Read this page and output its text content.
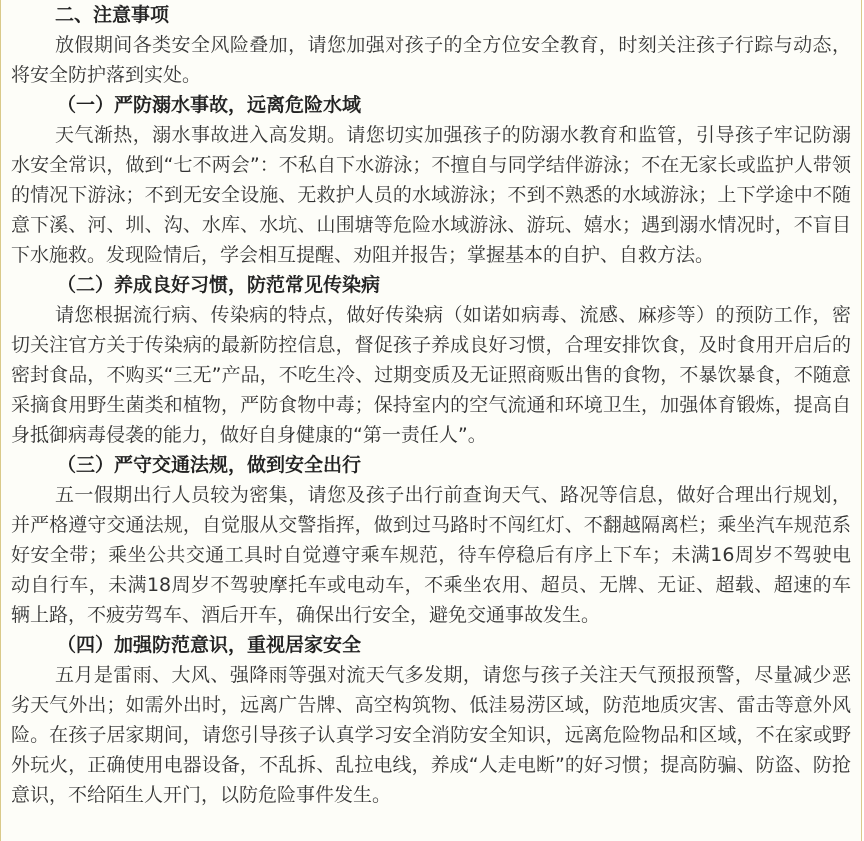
二、注意事项

放假期间各类安全风险叠加，请您加强对孩子的全方位安全教育，时刻关注孩子行踪与动态，将安全防护落到实处。

（一）严防溺水事故，远离危险水域

天气渐热，溺水事故进入高发期。请您切实加强孩子的防溺水教育和监管，引导孩子牢记防溺水安全常识，做到“七不两会”：不私自下水游泳；不擅自与同学结伴游泳；不在无家长或监护人带领的情况下游泳；不到无安全设施、无救护人员的水域游泳；不到不熟悉的水域游泳；上下学途中不随意下溪、河、圳、沟、水库、水坑、山围塘等危险水域游泳、游玩、嬉水；遇到溺水情况时，不盲目下水施救。发现险情后，学会相互提醒、劝阻并报告；掌握基本的自护、自救方法。

（二）养成良好习惯，防范常见传染病

请您根据流行病、传染病的特点，做好传染病（如诺如病毒、流感、麻疹等）的预防工作，密切关注官方关于传染病的最新防控信息，督促孩子养成良好习惯，合理安排饮食，及时食用开启后的密封食品，不购买“三无”产品，不吃生冷、过期变质及无证照商贩出售的食物，不暴饮暴食，不随意采摘食用野生菌类和植物，严防食物中毒；保持室内的空气流通和环境卫生，加强体育锻炼，提高自身抵御病毒侵袭的能力，做好自身健康的“第一责任人”。

（三）严守交通法规，做到安全出行

五一假期出行人员较为密集，请您及孩子出行前查询天气、路况等信息，做好合理出行规划，并严格遵守交通法规，自觉服从交警指挥，做到过马路时不闯红灯、不翻越隔离栏；乘坐汽车规范系好安全带；乘坐公共交通工具时自觉遵守乘车规范，待车停稳后有序上下车；未满16周岁不驾驶电动自行车，未满18周岁不驾驶摩托车或电动车，不乘坐农用、超员、无牌、无证、超载、超速的车辆上路，不疲劳驾车、酒后开车，确保出行安全，避免交通事故发生。

（四）加强防范意识，重视居家安全

五月是雷雨、大风、强降雨等强对流天气多发期，请您与孩子关注天气预报预警，尽量减少恶劣天气外出；如需外出时，远离广告牌、高空构筑物、低洼易涝区域，防范地质灾害、雷击等意外风险。在孩子居家期间，请您引导孩子认真学习安全消防安全知识，远离危险物品和区域，不在家或野外玩火，正确使用电器设备，不乱拆、乱拉电线，养成“人走电断”的好习惯；提高防骗、防盗、防抢意识，不给陌生人开门，以防危险事件发生。
